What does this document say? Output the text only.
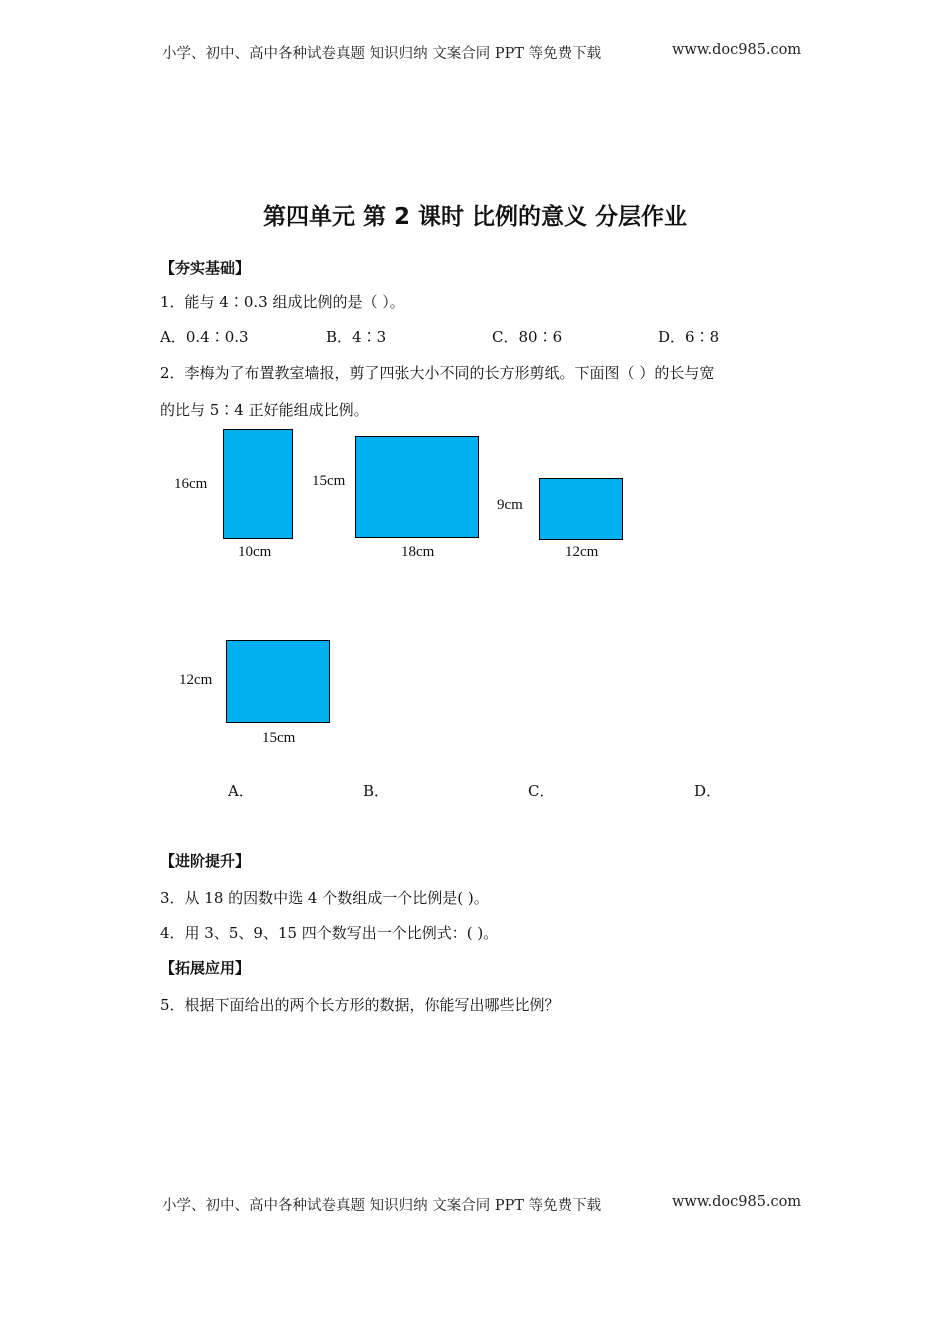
小学、初中、高中各种试卷真题 知识归纳 文案合同 PPT 等免费下载	www.doc985.com
第四单元 第 2 课时 比例的意义 分层作业
【夯实基础】
1．能与 4∶0.3 组成比例的是（ ）。
A．0.4∶0.3	B．4∶3	C．80∶6	D．6∶8
2．李梅为了布置教室墙报，剪了四张大小不同的长方形剪纸。下面图（ ）的长与宽
的比与 5∶4 正好能组成比例。
16cm
10cm
15cm
18cm
9cm
12cm
12cm
15cm
A．	B．	C．	D．
【进阶提升】
3．从 18 的因数中选 4 个数组成一个比例是( )。
4．用 3、5、9、15 四个数写出一个比例式：( )。
【拓展应用】
5．根据下面给出的两个长方形的数据，你能写出哪些比例？
小学、初中、高中各种试卷真题 知识归纳 文案合同 PPT 等免费下载	www.doc985.com
